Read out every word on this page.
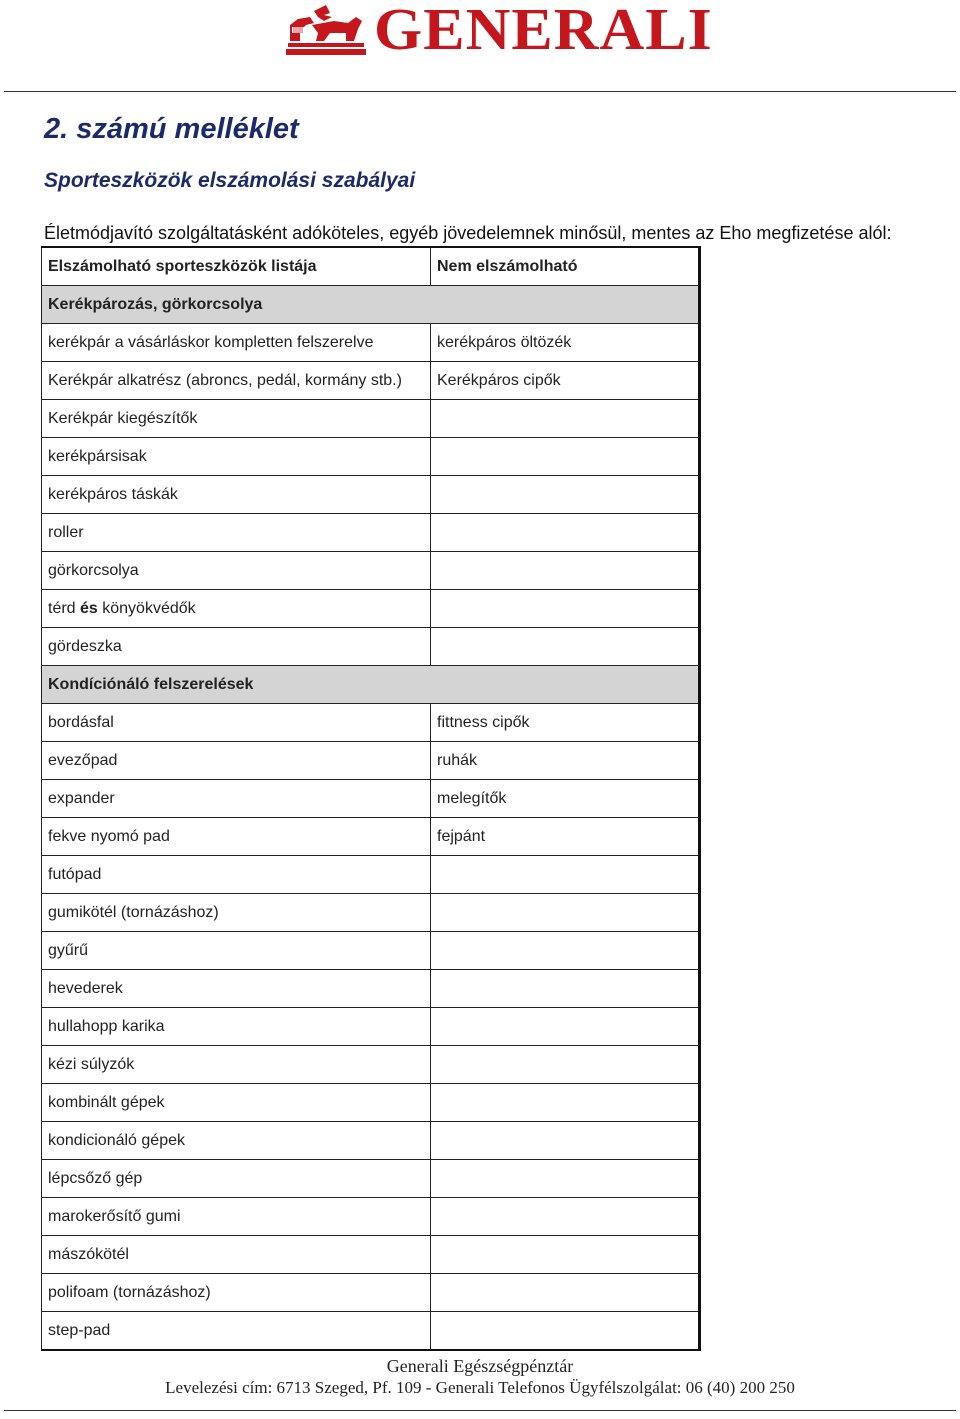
GENERALI
2. számú melléklet
Sporteszközök elszámolási szabályai

Életmódjavító szolgáltatásként adóköteles, egyéb jövedelemnek minősül, mentes az Eho megfizetése alól:

Elszámolható sporteszközök listája	Nem elszámolható
Kerékpározás, görkorcsolya	
kerékpár a vásárláskor kompletten felszerelve	kerékpáros öltözék
Kerékpár alkatrész (abroncs, pedál, kormány stb.)	Kerékpáros cipők
Kerékpár kiegészítők	
kerékpársisak	
kerékpáros táskák	
roller	
görkorcsolya	
térd és könyökvédők	
gördeszka	
Kondíciónáló felszerelések	
bordásfal	fittness cipők
evezőpad	ruhák
expander	melegítők
fekve nyomó pad	fejpánt
futópad	
gumikötél (tornázáshoz)	
gyűrű	
hevederek	
hullahopp karika	
kézi súlyzók	
kombinált gépek	
kondicionáló gépek	
lépcsőző gép	
marokerősítő gumi	
mászókötél	
polifoam (tornázáshoz)	
step-pad	
Generali Egészségpénztár
Levelezési cím: 6713 Szeged, Pf. 109 - Generali Telefonos Ügyfélszolgálat: 06 (40) 200 250
